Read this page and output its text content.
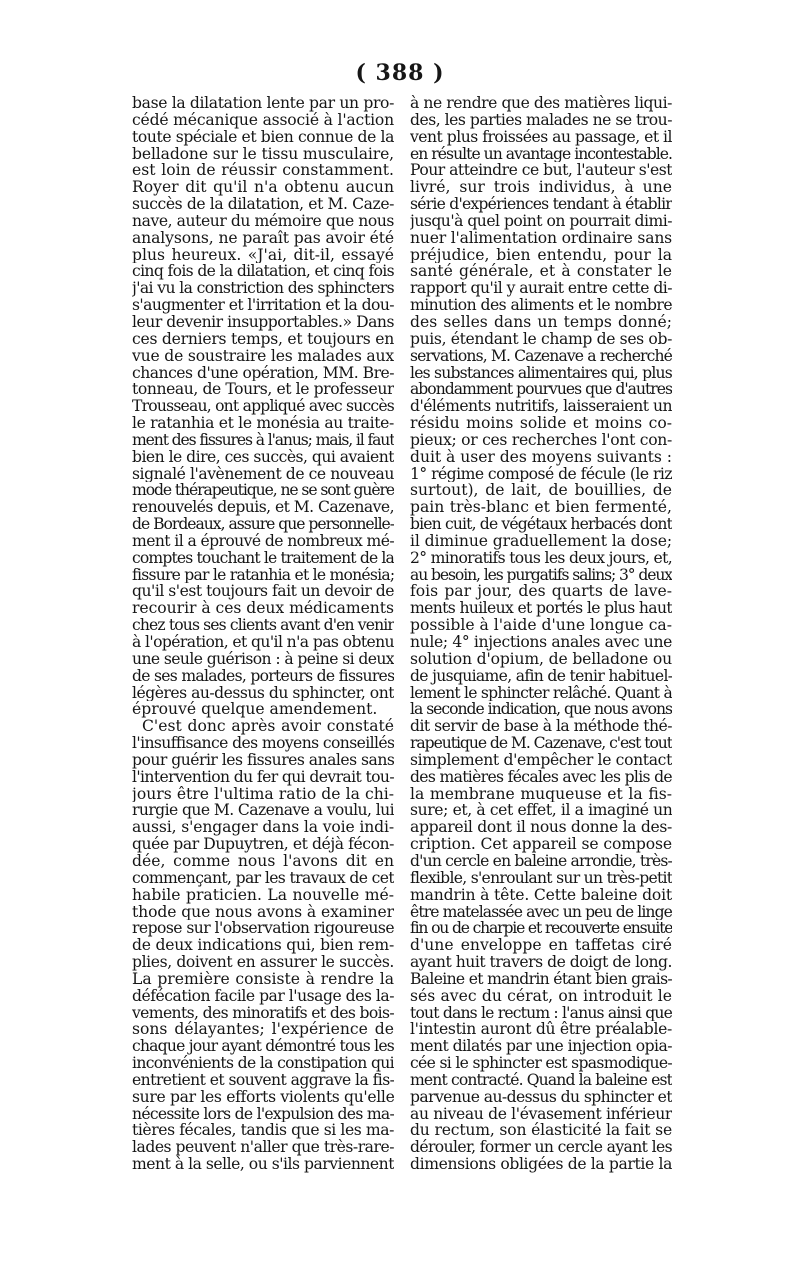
( 388 )
base la dilatation lente par un pro-
cédé mécanique associé à l'action
toute spéciale et bien connue de la
belladone sur le tissu musculaire,
est loin de réussir constamment.
Royer dit qu'il n'a obtenu aucun
succès de la dilatation, et M. Caze-
nave, auteur du mémoire que nous
analysons, ne paraît pas avoir été
plus heureux. «J'ai, dit-il, essayé
cinq fois de la dilatation, et cinq fois
j'ai vu la constriction des sphincters
s'augmenter et l'irritation et la dou-
leur devenir insupportables.» Dans
ces derniers temps, et toujours en
vue de soustraire les malades aux
chances d'une opération, MM. Bre-
tonneau, de Tours, et le professeur
Trousseau, ont appliqué avec succès
le ratanhia et le monésia au traite-
ment des fissures à l'anus; mais, il faut
bien le dire, ces succès, qui avaient
signalé l'avènement de ce nouveau
mode thérapeutique, ne se sont guère
renouvelés depuis, et M. Cazenave,
de Bordeaux, assure que personnelle-
ment il a éprouvé de nombreux mé-
comptes touchant le traitement de la
fissure par le ratanhia et le monésia;
qu'il s'est toujours fait un devoir de
recourir à ces deux médicaments
chez tous ses clients avant d'en venir
à l'opération, et qu'il n'a pas obtenu
une seule guérison : à peine si deux
de ses malades, porteurs de fissures
légères au-dessus du sphincter, ont
éprouvé quelque amendement.
C'est donc après avoir constaté
l'insuffisance des moyens conseillés
pour guérir les fissures anales sans
l'intervention du fer qui devrait tou-
jours être l'ultima ratio de la chi-
rurgie que M. Cazenave a voulu, lui
aussi, s'engager dans la voie indi-
quée par Dupuytren, et déjà fécon-
dée, comme nous l'avons dit en
commençant, par les travaux de cet
habile praticien. La nouvelle mé-
thode que nous avons à examiner
repose sur l'observation rigoureuse
de deux indications qui, bien rem-
plies, doivent en assurer le succès.
La première consiste à rendre la
défécation facile par l'usage des la-
vements, des minoratifs et des bois-
sons délayantes; l'expérience de
chaque jour ayant démontré tous les
inconvénients de la constipation qui
entretient et souvent aggrave la fis-
sure par les efforts violents qu'elle
nécessite lors de l'expulsion des ma-
tières fécales, tandis que si les ma-
lades peuvent n'aller que très-rare-
ment à la selle, ou s'ils parviennent
à ne rendre que des matières liqui-
des, les parties malades ne se trou-
vent plus froissées au passage, et il
en résulte un avantage incontestable.
Pour atteindre ce but, l'auteur s'est
livré, sur trois individus, à une
série d'expériences tendant à établir
jusqu'à quel point on pourrait dimi-
nuer l'alimentation ordinaire sans
préjudice, bien entendu, pour la
santé générale, et à constater le
rapport qu'il y aurait entre cette di-
minution des aliments et le nombre
des selles dans un temps donné;
puis, étendant le champ de ses ob-
servations, M. Cazenave a recherché
les substances alimentaires qui, plus
abondamment pourvues que d'autres
d'éléments nutritifs, laisseraient un
résidu moins solide et moins co-
pieux; or ces recherches l'ont con-
duit à user des moyens suivants :
1° régime composé de fécule (le riz
surtout), de lait, de bouillies, de
pain très-blanc et bien fermenté,
bien cuit, de végétaux herbacés dont
il diminue graduellement la dose;
2° minoratifs tous les deux jours, et,
au besoin, les purgatifs salins; 3° deux
fois par jour, des quarts de lave-
ments huileux et portés le plus haut
possible à l'aide d'une longue ca-
nule; 4° injections anales avec une
solution d'opium, de belladone ou
de jusquiame, afin de tenir habituel-
lement le sphincter relâché. Quant à
la seconde indication, que nous avons
dit servir de base à la méthode thé-
rapeutique de M. Cazenave, c'est tout
simplement d'empêcher le contact
des matières fécales avec les plis de
la membrane muqueuse et la fis-
sure; et, à cet effet, il a imaginé un
appareil dont il nous donne la des-
cription. Cet appareil se compose
d'un cercle en baleine arrondie, très-
flexible, s'enroulant sur un très-petit
mandrin à tête. Cette baleine doit
être matelassée avec un peu de linge
fin ou de charpie et recouverte ensuite
d'une enveloppe en taffetas ciré
ayant huit travers de doigt de long.
Baleine et mandrin étant bien grais-
sés avec du cérat, on introduit le
tout dans le rectum : l'anus ainsi que
l'intestin auront dû être préalable-
ment dilatés par une injection opia-
cée si le sphincter est spasmodique-
ment contracté. Quand la baleine est
parvenue au-dessus du sphincter et
au niveau de l'évasement inférieur
du rectum, son élasticité la fait se
dérouler, former un cercle ayant les
dimensions obligées de la partie la
